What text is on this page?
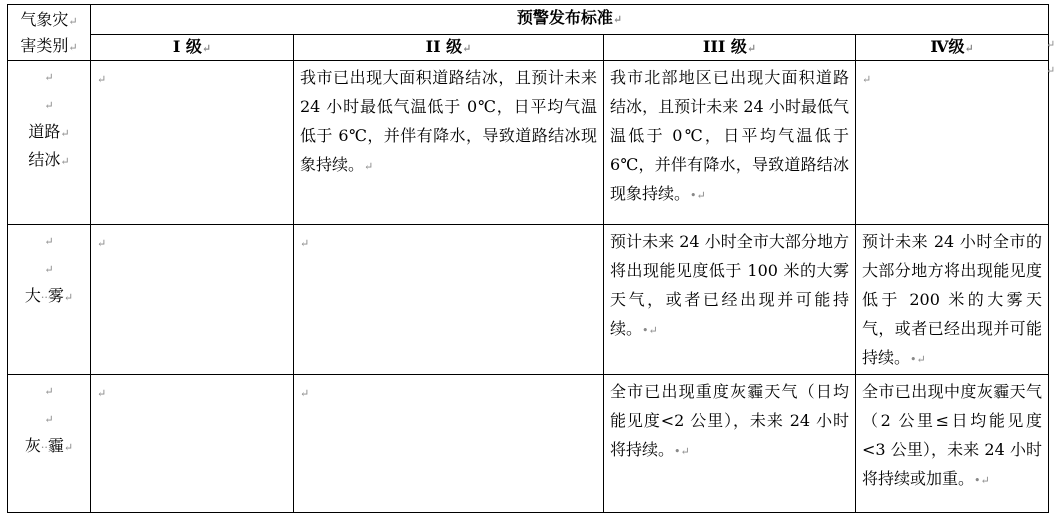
气象灾↵
害类别↵	预警发布标准↵			
	I 级↵	II 级↵	III 级↵	Ⅳ级↵
↵
↵
道路↵
结冰↵	↵	我市已出现大面积道路结冰，且预计未来 24 小时最低气温低于 0℃，日平均气温低于 6℃，并伴有降水，导致道路结冰现象持续。↵	我市北部地区已出现大面积道路结冰，且预计未来 24 小时最低气温低于 0℃，日平均气温低于 6℃，并伴有降水，导致道路结冰现象持续。•↵	↵
↵
↵
大··雾↵	↵	↵	预计未来 24 小时全市大部分地方将出现能见度低于 100 米的大雾天气，或者已经出现并可能持续。•↵	预计未来 24 小时全市的大部分地方将出现能见度低于 200 米的大雾天气，或者已经出现并可能持续。•↵
↵
↵
灰··霾↵	↵	↵	全市已出现重度灰霾天气（日均能见度<2 公里），未来 24 小时将持续。•↵	全市已出现中度灰霾天气（2 公里≤日均能见度<3 公里），未来 24 小时将持续或加重。•↵
↵
↵
